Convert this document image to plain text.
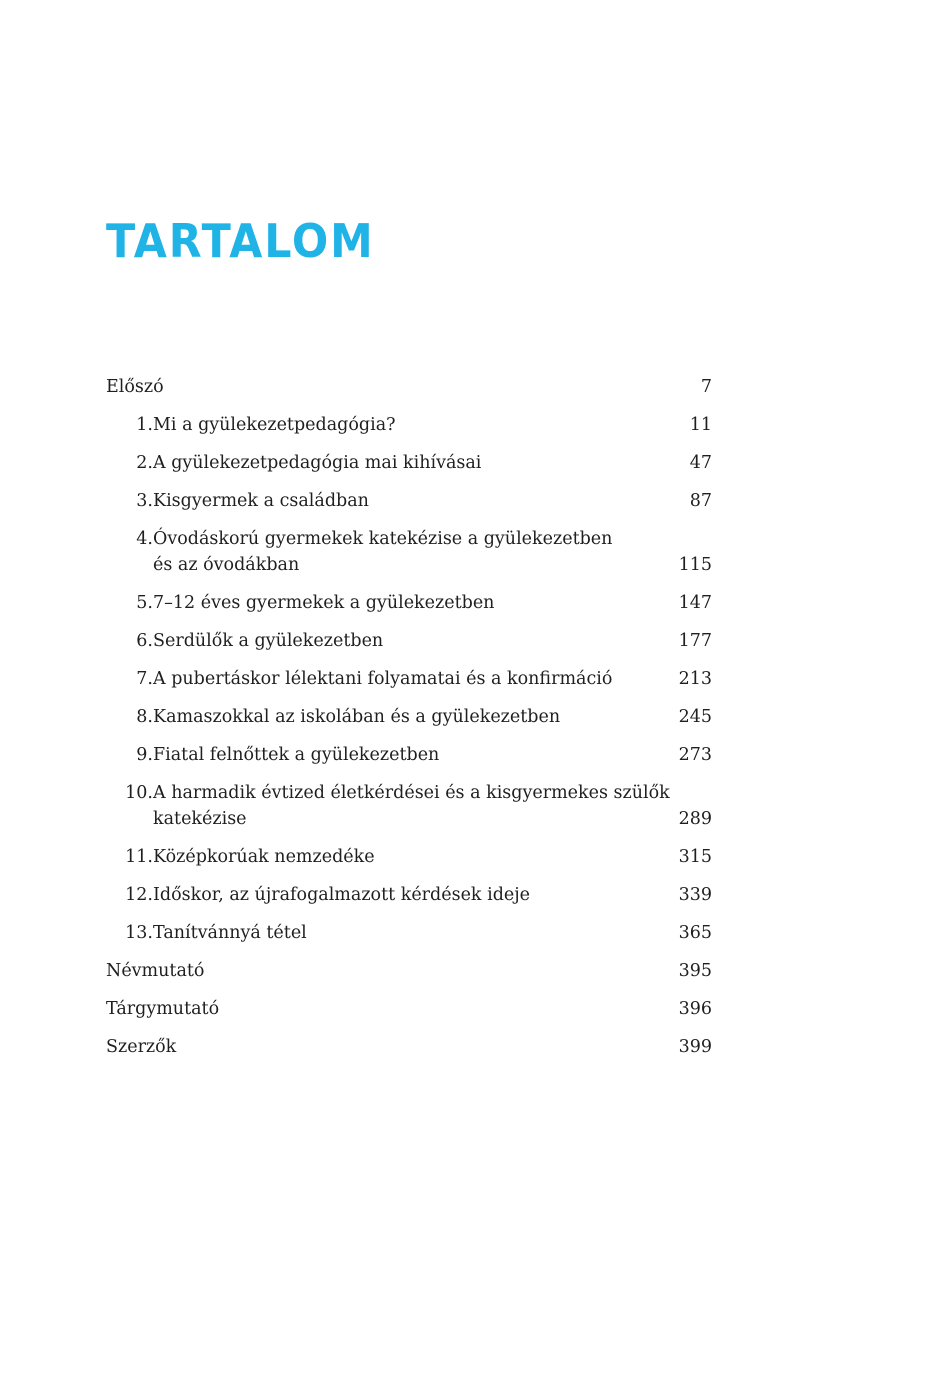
TARTALOM
Előszó	7
1. Mi a gyülekezetpedagógia?	11
2. A gyülekezetpedagógia mai kihívásai	47
3. Kisgyermek a családban	87
4. Óvodáskorú gyermekek katekézise a gyülekezetben
és az óvodákban	115
5. 7–12 éves gyermekek a gyülekezetben	147
6. Serdülők a gyülekezetben	177
7. A pubertáskor lélektani folyamatai és a konfirmáció	213
8. Kamaszokkal az iskolában és a gyülekezetben	245
9. Fiatal felnőttek a gyülekezetben	273
10. A harmadik évtized életkérdései és a kisgyermekes szülők
katekézise	289
11. Középkorúak nemzedéke	315
12. Időskor, az újrafogalmazott kérdések ideje	339
13. Tanítvánnyá tétel	365
Névmutató	395
Tárgymutató	396
Szerzők	399
